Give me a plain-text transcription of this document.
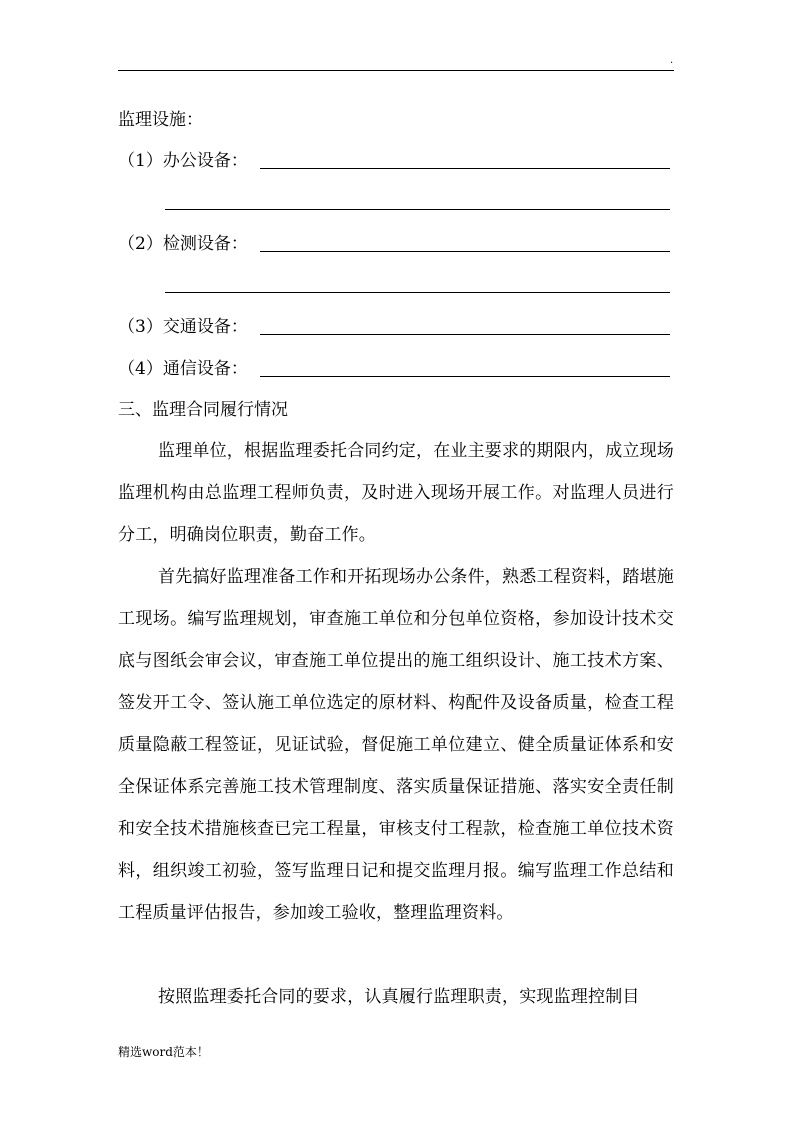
.
监理设施：
（1）办公设备：
（2）检测设备：
（3）交通设备：
（4）通信设备：
三、监理合同履行情况
监理单位，根据监理委托合同约定，在业主要求的期限内，成立现场监理机构由总监理工程师负责，及时进入现场开展工作。对监理人员进行分工，明确岗位职责，勤奋工作。
首先搞好监理准备工作和开拓现场办公条件，熟悉工程资料，踏堪施工现场。编写监理规划，审查施工单位和分包单位资格，参加设计技术交底与图纸会审会议，审查施工单位提出的施工组织设计、施工技术方案、签发开工令、签认施工单位选定的原材料、构配件及设备质量，检查工程质量隐蔽工程签证，见证试验，督促施工单位建立、健全质量证体系和安全保证体系完善施工技术管理制度、落实质量保证措施、落实安全责任制和安全技术措施核查已完工程量，审核支付工程款，检查施工单位技术资料，组织竣工初验，签写监理日记和提交监理月报。编写监理工作总结和工程质量评估报告，参加竣工验收，整理监理资料。
按照监理委托合同的要求，认真履行监理职责，实现监理控制目
精选word范本！
